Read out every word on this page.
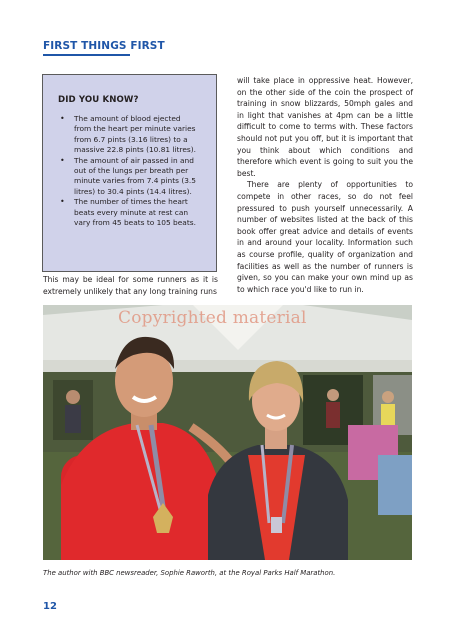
FIRST THINGS FIRST
DID YOU KNOW?
• The amount of blood ejected from the heart per minute varies from 6.7 pints (3.16 litres) to a massive 22.8 pints (10.81 litres).
• The amount of air passed in and out of the lungs per breath per minute varies from 7.4 pints (3.5 litres) to 30.4 pints (14.4 litres).
• The number of times the heart beats every minute at rest can vary from 45 beats to 105 beats.
This may be ideal for some runners as it is extremely unlikely that any long training runs

will take place in oppressive heat. However, on the other side of the coin the prospect of training in snow blizzards, 50mph gales and in light that vanishes at 4pm can be a little difficult to come to terms with. These factors should not put you off, but it is important that you think about which conditions and therefore which event is going to suit you the best.

There are plenty of opportunities to compete in other races, so do not feel pressured to push yourself unnecessarily. A number of websites listed at the back of this book offer great advice and details of events in and around your locality. Information such as course profile, quality of organization and facilities as well as the number of runners is given, so you can make your own mind up as to which race you'd like to run in.

Copyrighted material
The author with BBC newsreader, Sophie Raworth, at the Royal Parks Half Marathon.
12
